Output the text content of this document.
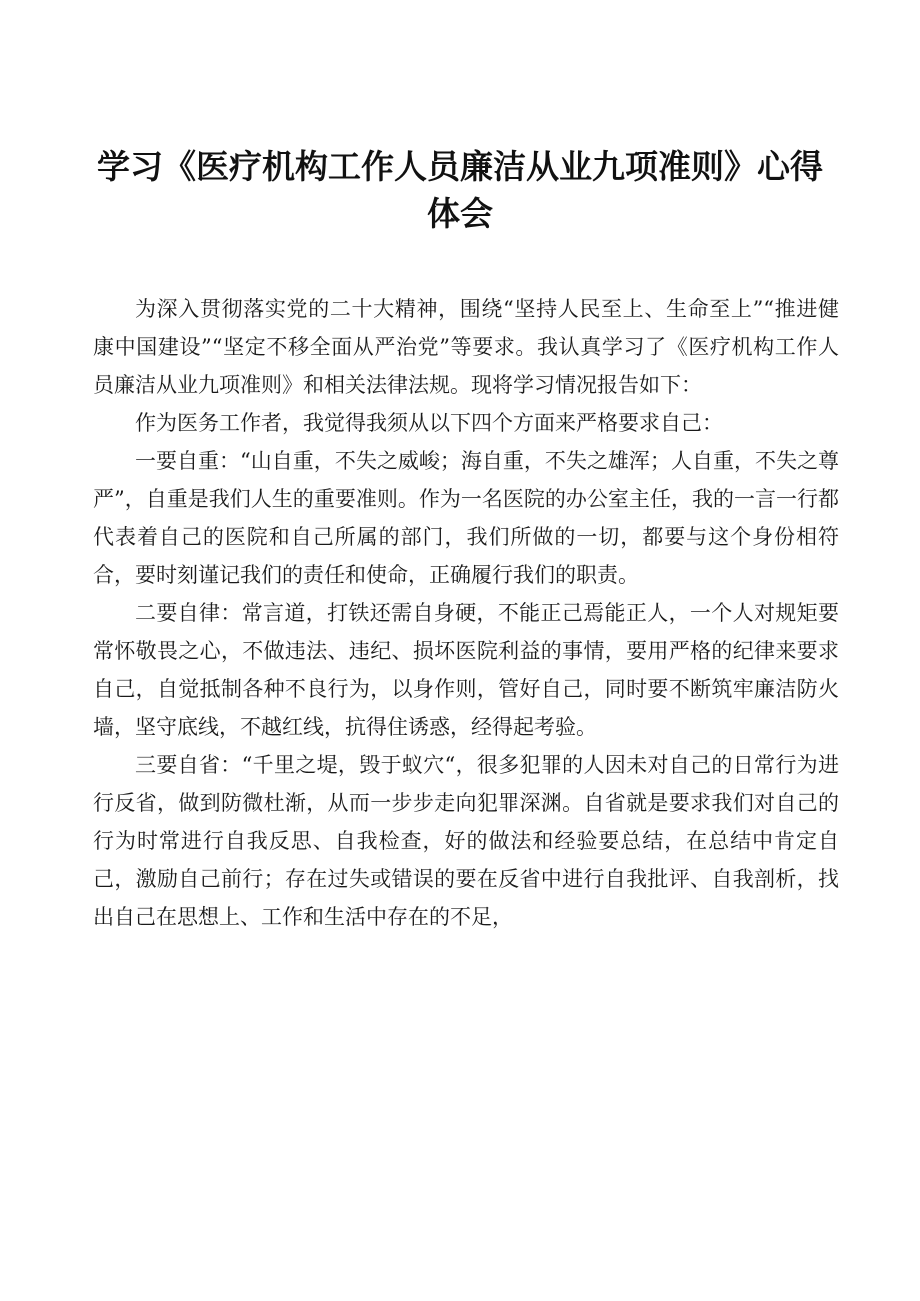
学习《医疗机构工作人员廉洁从业九项准则》心得体会

为深入贯彻落实党的二十大精神，围绕“坚持人民至上、生命至上”“推进健康中国建设”“坚定不移全面从严治党”等要求。我认真学习了《医疗机构工作人员廉洁从业九项准则》和相关法律法规。现将学习情况报告如下：

作为医务工作者，我觉得我须从以下四个方面来严格要求自己：

一要自重：“山自重，不失之威峻；海自重，不失之雄浑；人自重，不失之尊严”，自重是我们人生的重要准则。作为一名医院的办公室主任，我的一言一行都代表着自己的医院和自己所属的部门，我们所做的一切，都要与这个身份相符合，要时刻谨记我们的责任和使命，正确履行我们的职责。

二要自律：常言道，打铁还需自身硬，不能正己焉能正人，一个人对规矩要常怀敬畏之心，不做违法、违纪、损坏医院利益的事情，要用严格的纪律来要求自己，自觉抵制各种不良行为，以身作则，管好自己，同时要不断筑牢廉洁防火墙，坚守底线，不越红线，抗得住诱惑，经得起考验。

三要自省：“千里之堤，毁于蚁穴“，很多犯罪的人因未对自己的日常行为进行反省，做到防微杜渐，从而一步步走向犯罪深渊。自省就是要求我们对自己的行为时常进行自我反思、自我检查，好的做法和经验要总结，在总结中肯定自己，激励自己前行；存在过失或错误的要在反省中进行自我批评、自我剖析，找出自己在思想上、工作和生活中存在的不足，
